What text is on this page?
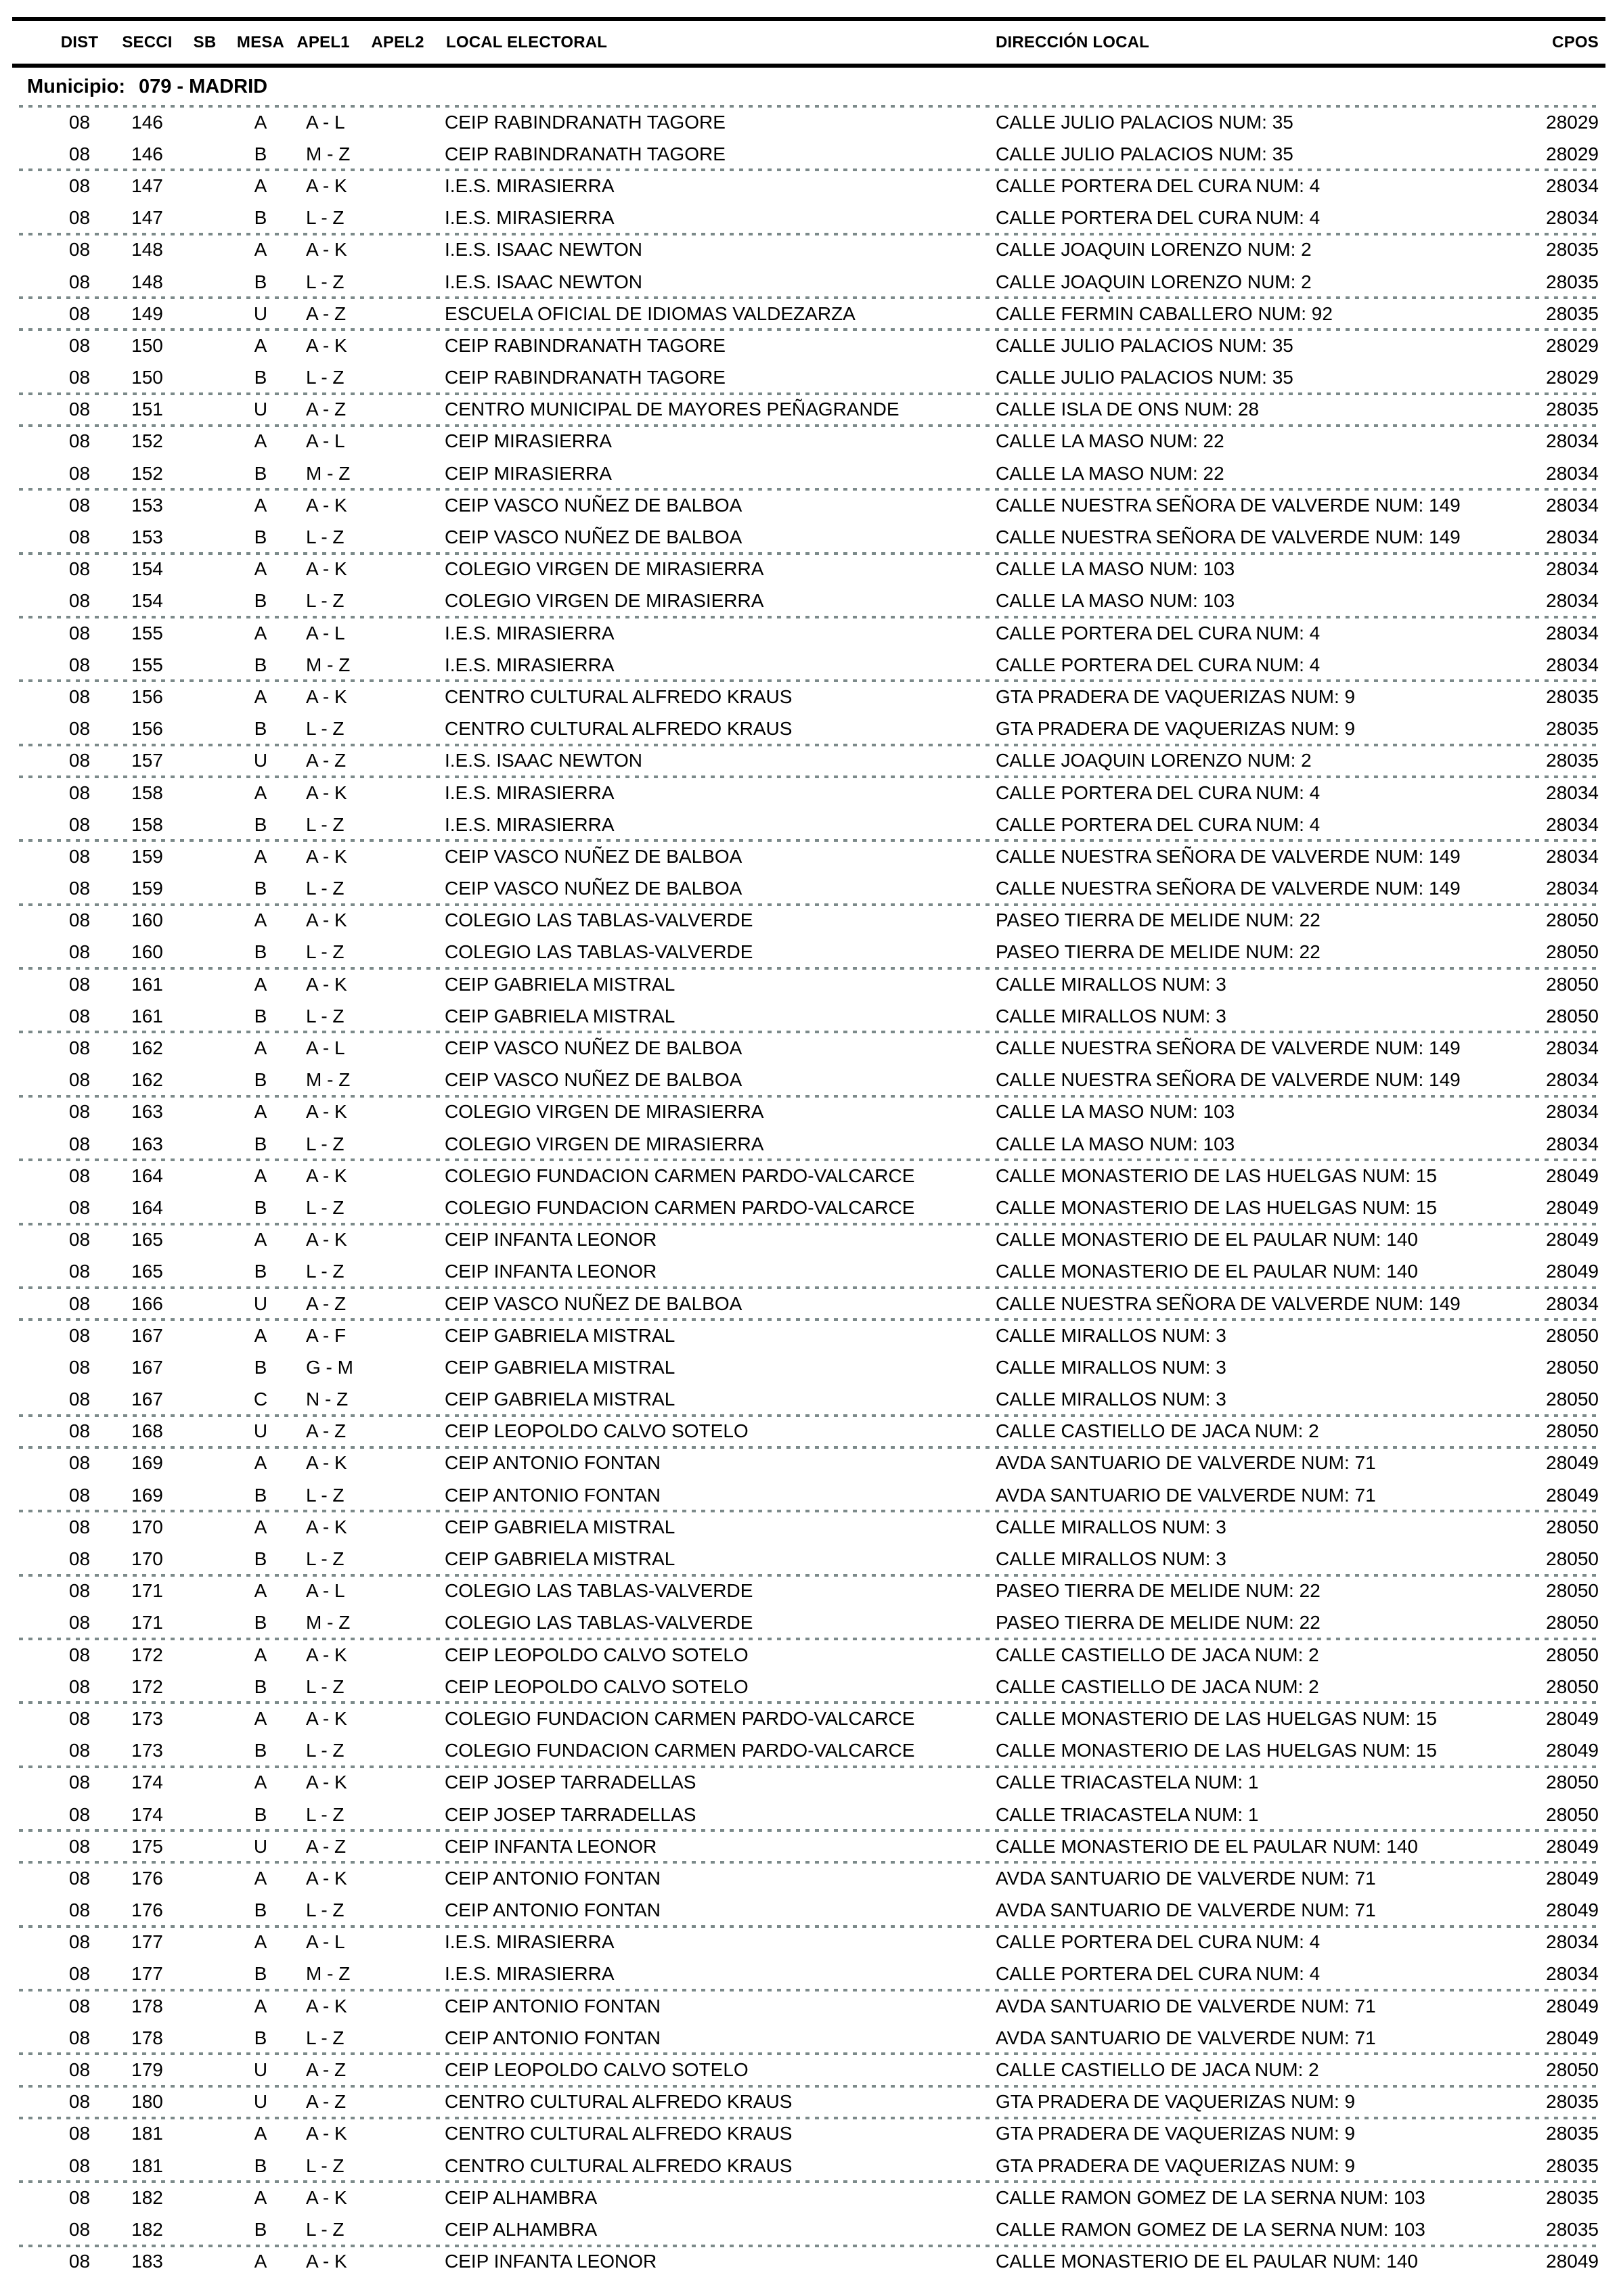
DIST	SECCI	SB	MESA APEL1	APEL2	LOCAL ELECTORAL	DIRECCIÓN LOCAL	CPOS
Municipio: 079 - MADRID
08	146	A	A - L	CEIP RABINDRANATH TAGORE	CALLE JULIO PALACIOS NUM: 35	28029
08	146	B	M - Z	CEIP RABINDRANATH TAGORE	CALLE JULIO PALACIOS NUM: 35	28029
08	147	A	A - K	I.E.S. MIRASIERRA	CALLE PORTERA DEL CURA NUM: 4	28034
08	147	B	L - Z	I.E.S. MIRASIERRA	CALLE PORTERA DEL CURA NUM: 4	28034
08	148	A	A - K	I.E.S. ISAAC NEWTON	CALLE JOAQUIN LORENZO NUM: 2	28035
08	148	B	L - Z	I.E.S. ISAAC NEWTON	CALLE JOAQUIN LORENZO NUM: 2	28035
08	149	U	A - Z	ESCUELA OFICIAL DE IDIOMAS VALDEZARZA	CALLE FERMIN CABALLERO NUM: 92	28035
08	150	A	A - K	CEIP RABINDRANATH TAGORE	CALLE JULIO PALACIOS NUM: 35	28029
08	150	B	L - Z	CEIP RABINDRANATH TAGORE	CALLE JULIO PALACIOS NUM: 35	28029
08	151	U	A - Z	CENTRO MUNICIPAL DE MAYORES PEÑAGRANDE	CALLE ISLA DE ONS NUM: 28	28035
08	152	A	A - L	CEIP MIRASIERRA	CALLE LA MASO NUM: 22	28034
08	152	B	M - Z	CEIP MIRASIERRA	CALLE LA MASO NUM: 22	28034
08	153	A	A - K	CEIP VASCO NUÑEZ DE BALBOA	CALLE NUESTRA SEÑORA DE VALVERDE NUM: 149	28034
08	153	B	L - Z	CEIP VASCO NUÑEZ DE BALBOA	CALLE NUESTRA SEÑORA DE VALVERDE NUM: 149	28034
08	154	A	A - K	COLEGIO VIRGEN DE MIRASIERRA	CALLE LA MASO NUM: 103	28034
08	154	B	L - Z	COLEGIO VIRGEN DE MIRASIERRA	CALLE LA MASO NUM: 103	28034
08	155	A	A - L	I.E.S. MIRASIERRA	CALLE PORTERA DEL CURA NUM: 4	28034
08	155	B	M - Z	I.E.S. MIRASIERRA	CALLE PORTERA DEL CURA NUM: 4	28034
08	156	A	A - K	CENTRO CULTURAL ALFREDO KRAUS	GTA PRADERA DE VAQUERIZAS NUM: 9	28035
08	156	B	L - Z	CENTRO CULTURAL ALFREDO KRAUS	GTA PRADERA DE VAQUERIZAS NUM: 9	28035
08	157	U	A - Z	I.E.S. ISAAC NEWTON	CALLE JOAQUIN LORENZO NUM: 2	28035
08	158	A	A - K	I.E.S. MIRASIERRA	CALLE PORTERA DEL CURA NUM: 4	28034
08	158	B	L - Z	I.E.S. MIRASIERRA	CALLE PORTERA DEL CURA NUM: 4	28034
08	159	A	A - K	CEIP VASCO NUÑEZ DE BALBOA	CALLE NUESTRA SEÑORA DE VALVERDE NUM: 149	28034
08	159	B	L - Z	CEIP VASCO NUÑEZ DE BALBOA	CALLE NUESTRA SEÑORA DE VALVERDE NUM: 149	28034
08	160	A	A - K	COLEGIO LAS TABLAS-VALVERDE	PASEO TIERRA DE MELIDE NUM: 22	28050
08	160	B	L - Z	COLEGIO LAS TABLAS-VALVERDE	PASEO TIERRA DE MELIDE NUM: 22	28050
08	161	A	A - K	CEIP GABRIELA MISTRAL	CALLE MIRALLOS NUM: 3	28050
08	161	B	L - Z	CEIP GABRIELA MISTRAL	CALLE MIRALLOS NUM: 3	28050
08	162	A	A - L	CEIP VASCO NUÑEZ DE BALBOA	CALLE NUESTRA SEÑORA DE VALVERDE NUM: 149	28034
08	162	B	M - Z	CEIP VASCO NUÑEZ DE BALBOA	CALLE NUESTRA SEÑORA DE VALVERDE NUM: 149	28034
08	163	A	A - K	COLEGIO VIRGEN DE MIRASIERRA	CALLE LA MASO NUM: 103	28034
08	163	B	L - Z	COLEGIO VIRGEN DE MIRASIERRA	CALLE LA MASO NUM: 103	28034
08	164	A	A - K	COLEGIO FUNDACION CARMEN PARDO-VALCARCE	CALLE MONASTERIO DE LAS HUELGAS NUM: 15	28049
08	164	B	L - Z	COLEGIO FUNDACION CARMEN PARDO-VALCARCE	CALLE MONASTERIO DE LAS HUELGAS NUM: 15	28049
08	165	A	A - K	CEIP INFANTA LEONOR	CALLE MONASTERIO DE EL PAULAR NUM: 140	28049
08	165	B	L - Z	CEIP INFANTA LEONOR	CALLE MONASTERIO DE EL PAULAR NUM: 140	28049
08	166	U	A - Z	CEIP VASCO NUÑEZ DE BALBOA	CALLE NUESTRA SEÑORA DE VALVERDE NUM: 149	28034
08	167	A	A - F	CEIP GABRIELA MISTRAL	CALLE MIRALLOS NUM: 3	28050
08	167	B	G - M	CEIP GABRIELA MISTRAL	CALLE MIRALLOS NUM: 3	28050
08	167	C	N - Z	CEIP GABRIELA MISTRAL	CALLE MIRALLOS NUM: 3	28050
08	168	U	A - Z	CEIP LEOPOLDO CALVO SOTELO	CALLE CASTIELLO DE JACA NUM: 2	28050
08	169	A	A - K	CEIP ANTONIO FONTAN	AVDA SANTUARIO DE VALVERDE NUM: 71	28049
08	169	B	L - Z	CEIP ANTONIO FONTAN	AVDA SANTUARIO DE VALVERDE NUM: 71	28049
08	170	A	A - K	CEIP GABRIELA MISTRAL	CALLE MIRALLOS NUM: 3	28050
08	170	B	L - Z	CEIP GABRIELA MISTRAL	CALLE MIRALLOS NUM: 3	28050
08	171	A	A - L	COLEGIO LAS TABLAS-VALVERDE	PASEO TIERRA DE MELIDE NUM: 22	28050
08	171	B	M - Z	COLEGIO LAS TABLAS-VALVERDE	PASEO TIERRA DE MELIDE NUM: 22	28050
08	172	A	A - K	CEIP LEOPOLDO CALVO SOTELO	CALLE CASTIELLO DE JACA NUM: 2	28050
08	172	B	L - Z	CEIP LEOPOLDO CALVO SOTELO	CALLE CASTIELLO DE JACA NUM: 2	28050
08	173	A	A - K	COLEGIO FUNDACION CARMEN PARDO-VALCARCE	CALLE MONASTERIO DE LAS HUELGAS NUM: 15	28049
08	173	B	L - Z	COLEGIO FUNDACION CARMEN PARDO-VALCARCE	CALLE MONASTERIO DE LAS HUELGAS NUM: 15	28049
08	174	A	A - K	CEIP JOSEP TARRADELLAS	CALLE TRIACASTELA NUM: 1	28050
08	174	B	L - Z	CEIP JOSEP TARRADELLAS	CALLE TRIACASTELA NUM: 1	28050
08	175	U	A - Z	CEIP INFANTA LEONOR	CALLE MONASTERIO DE EL PAULAR NUM: 140	28049
08	176	A	A - K	CEIP ANTONIO FONTAN	AVDA SANTUARIO DE VALVERDE NUM: 71	28049
08	176	B	L - Z	CEIP ANTONIO FONTAN	AVDA SANTUARIO DE VALVERDE NUM: 71	28049
08	177	A	A - L	I.E.S. MIRASIERRA	CALLE PORTERA DEL CURA NUM: 4	28034
08	177	B	M - Z	I.E.S. MIRASIERRA	CALLE PORTERA DEL CURA NUM: 4	28034
08	178	A	A - K	CEIP ANTONIO FONTAN	AVDA SANTUARIO DE VALVERDE NUM: 71	28049
08	178	B	L - Z	CEIP ANTONIO FONTAN	AVDA SANTUARIO DE VALVERDE NUM: 71	28049
08	179	U	A - Z	CEIP LEOPOLDO CALVO SOTELO	CALLE CASTIELLO DE JACA NUM: 2	28050
08	180	U	A - Z	CENTRO CULTURAL ALFREDO KRAUS	GTA PRADERA DE VAQUERIZAS NUM: 9	28035
08	181	A	A - K	CENTRO CULTURAL ALFREDO KRAUS	GTA PRADERA DE VAQUERIZAS NUM: 9	28035
08	181	B	L - Z	CENTRO CULTURAL ALFREDO KRAUS	GTA PRADERA DE VAQUERIZAS NUM: 9	28035
08	182	A	A - K	CEIP ALHAMBRA	CALLE RAMON GOMEZ DE LA SERNA NUM: 103	28035
08	182	B	L - Z	CEIP ALHAMBRA	CALLE RAMON GOMEZ DE LA SERNA NUM: 103	28035
08	183	A	A - K	CEIP INFANTA LEONOR	CALLE MONASTERIO DE EL PAULAR NUM: 140	28049
